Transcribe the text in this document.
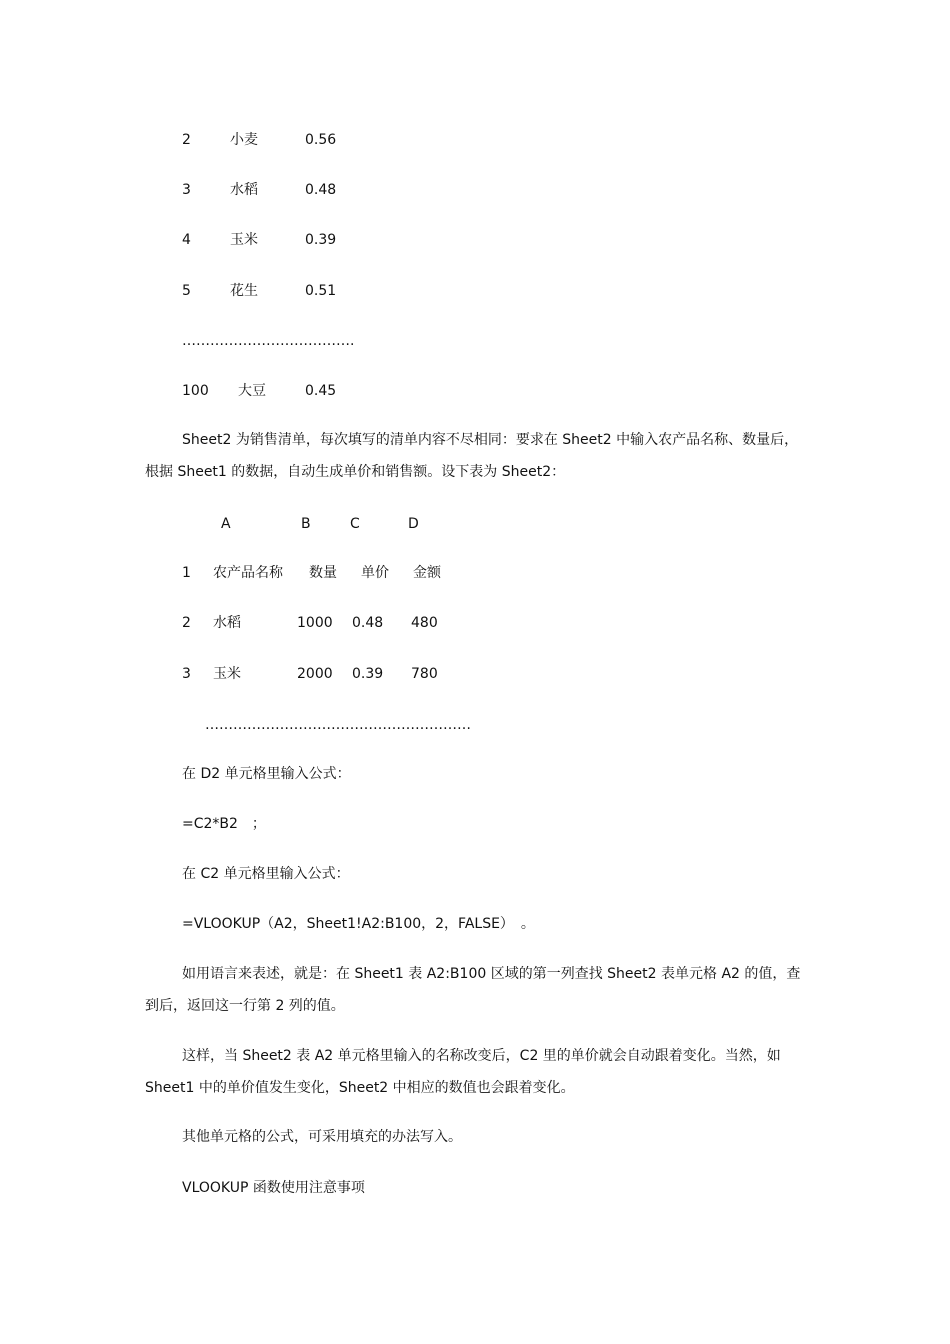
2	小麦	0.56
3	水稻	0.48
4	玉米	0.39
5	花生	0.51
……………………………….
100 大豆	0.45

Sheet2 为销售清单，每次填写的清单内容不尽相同：要求在 Sheet2 中输入农产品名称、数量后，根据 Sheet1 的数据，自动生成单价和销售额。设下表为 Sheet2：

A	B	C	D
1 农产品名称 数量 单价 金额
2 水稻	1000 0.48 480
3 玉米	2000 0.39 780
…………………………………………………
在 D2 单元格里输入公式：
=C2*B2　；
在 C2 单元格里输入公式：
=VLOOKUP（A2，Sheet1!A2:B100，2，FALSE）　。

如用语言来表述，就是：在 Sheet1 表 A2:B100 区域的第一列查找 Sheet2 表单元格 A2 的值，查到后，返回这一行第 2 列的值。

这样，当 Sheet2 表 A2 单元格里输入的名称改变后，C2 里的单价就会自动跟着变化。当然，如 Sheet1 中的单价值发生变化，Sheet2 中相应的数值也会跟着变化。

其他单元格的公式，可采用填充的办法写入。
VLOOKUP 函数使用注意事项
